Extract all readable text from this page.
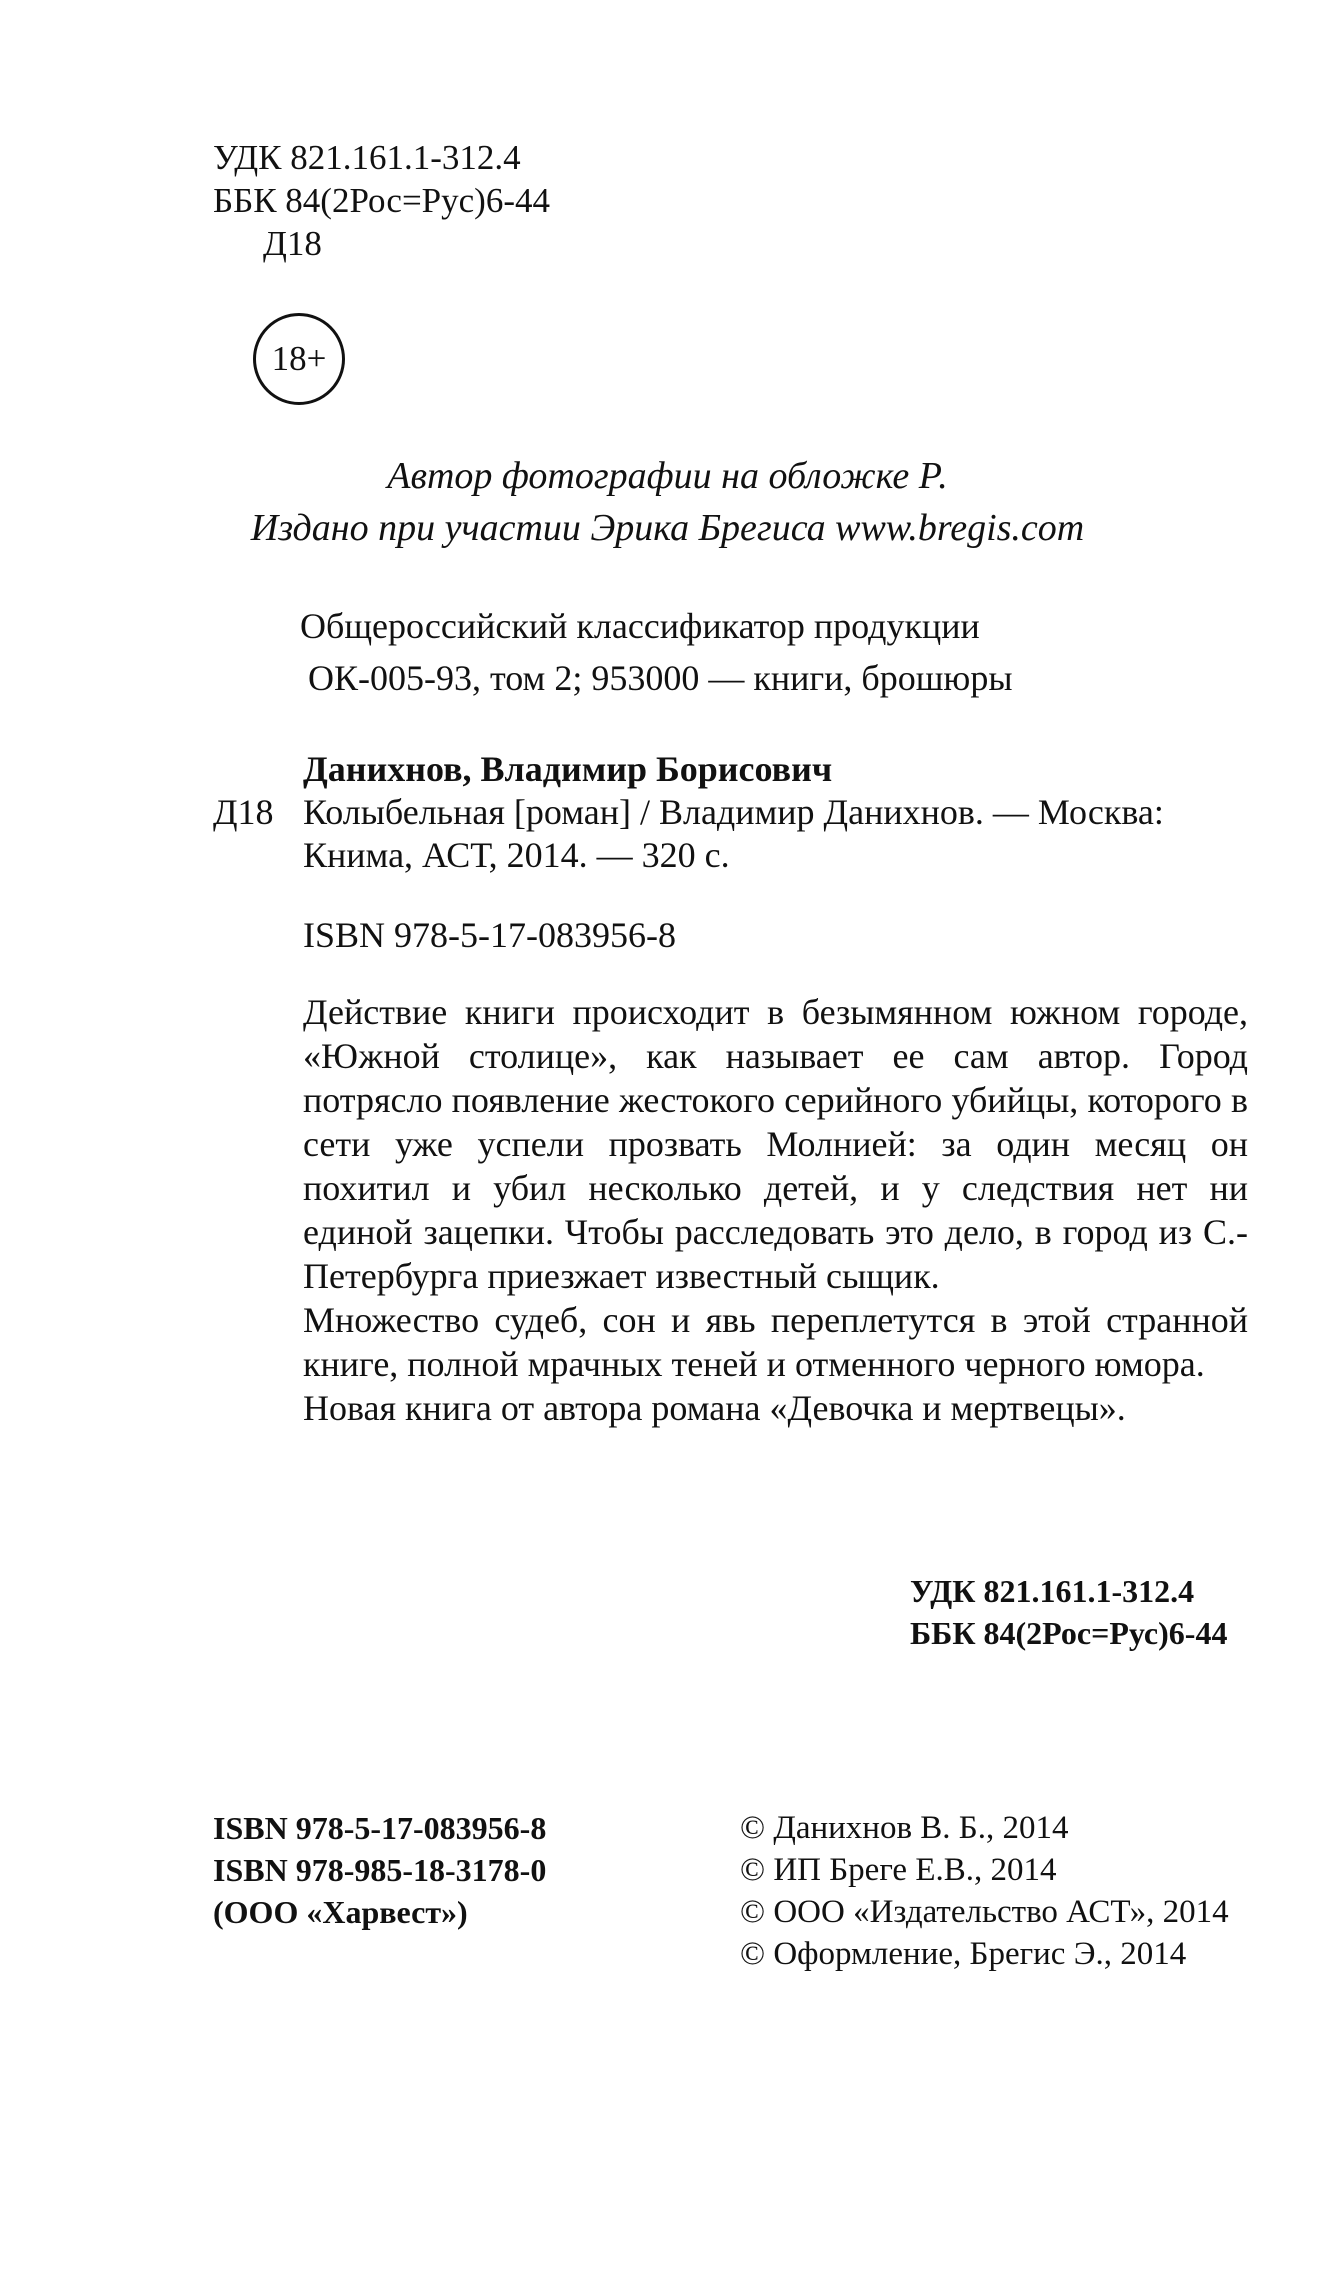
УДК 821.161.1-312.4
ББК 84(2Рос=Рус)6-44
Д18
18+
Автор фотографии на обложке Р.
Издано при участии Эрика Брегиса www.bregis.com
Общероссийский классификатор продукции
ОК-005-93, том 2; 953000 — книги, брошюры
Данихнов, Владимир Борисович
Д18 Колыбельная [роман] / Владимир Данихнов. — Москва:
Книма, АСТ, 2014. — 320 с.
ISBN 978-5-17-083956-8

Действие книги происходит в безымянном южном городе, «Южной столице», как называет ее сам автор. Город потрясло появление жестокого серийного убийцы, которого в сети уже успели прозвать Молнией: за один месяц он похитил и убил несколько детей, и у следствия нет ни единой зацепки. Чтобы расследовать это дело, в город из С.-Петербурга приезжает известный сыщик.

Множество судеб, сон и явь переплетутся в этой странной книге, полной мрачных теней и отменного черного юмора.

Новая книга от автора романа «Девочка и мертвецы».

УДК 821.161.1-312.4
ББК 84(2Рос=Рус)6-44
ISBN 978-5-17-083956-8
ISBN 978-985-18-3178-0
(ООО «Харвест»)
© Данихнов В. Б., 2014
© ИП Бреге Е.В., 2014
© ООО «Издательство АСТ», 2014
© Оформление, Брегис Э., 2014
